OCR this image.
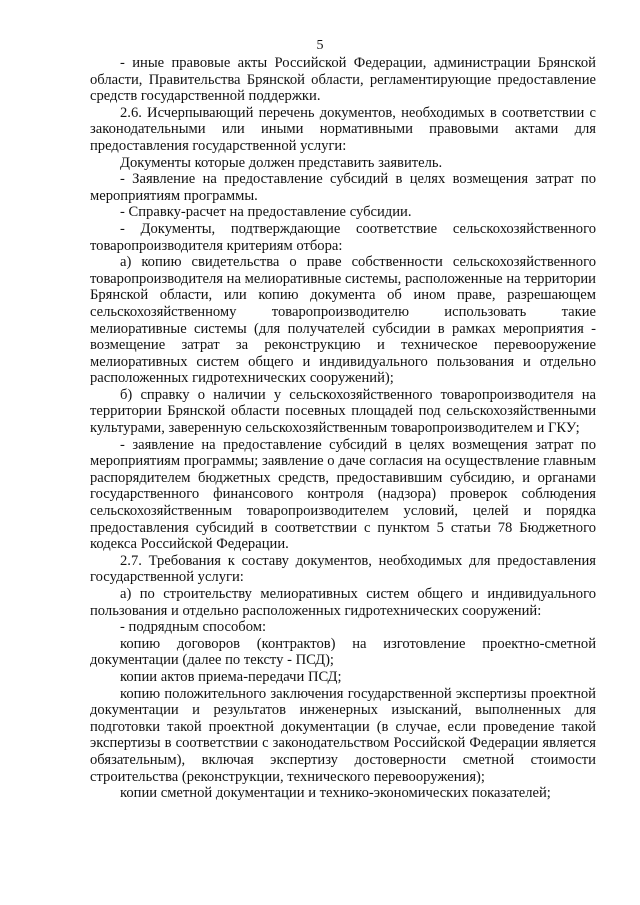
5

- иные правовые акты Российской Федерации, администрации Брянской области, Правительства Брянской области, регламентирующие предоставление средств государственной поддержки.

2.6. Исчерпывающий перечень документов, необходимых в соответствии с законодательными или иными нормативными правовыми актами для предоставления государственной услуги:

Документы которые должен представить заявитель.

- Заявление на предоставление субсидий в целях возмещения затрат по мероприятиям программы.

- Справку-расчет на предоставление субсидии.

- Документы, подтверждающие соответствие сельскохозяйственного товаропроизводителя критериям отбора:

а) копию свидетельства о праве собственности сельскохозяйственного товаропроизводителя на мелиоративные системы, расположенные на территории Брянской области, или копию документа об ином праве, разрешающем сельскохозяйственному товаропроизводителю использовать такие мелиоративные системы (для получателей субсидии в рамках мероприятия - возмещение затрат за реконструкцию и техническое перевооружение мелиоративных систем общего и индивидуального пользования и отдельно расположенных гидротехнических сооружений);

б) справку о наличии у сельскохозяйственного товаропроизводителя на территории Брянской области посевных площадей под сельскохозяйственными культурами, заверенную сельскохозяйственным товаропроизводителем и ГКУ;

- заявление на предоставление субсидий в целях возмещения затрат по мероприятиям программы; заявление о даче согласия на осуществление главным распорядителем бюджетных средств, предоставившим субсидию, и органами государственного финансового контроля (надзора) проверок соблюдения сельскохозяйственным товаропроизводителем условий, целей и порядка предоставления субсидий в соответствии с пунктом 5 статьи 78 Бюджетного кодекса Российской Федерации.

2.7. Требования к составу документов, необходимых для предоставления государственной услуги:

а) по строительству мелиоративных систем общего и индивидуального пользования и отдельно расположенных гидротехнических сооружений:

- подрядным способом:

копию договоров (контрактов) на изготовление проектно-сметной документации (далее по тексту - ПСД);

копии актов приема-передачи ПСД;

копию положительного заключения государственной экспертизы проектной документации и результатов инженерных изысканий, выполненных для подготовки такой проектной документации (в случае, если проведение такой экспертизы в соответствии с законодательством Российской Федерации является обязательным), включая экспертизу достоверности сметной стоимости строительства (реконструкции, технического перевооружения);

копии сметной документации и технико-экономических показателей;
